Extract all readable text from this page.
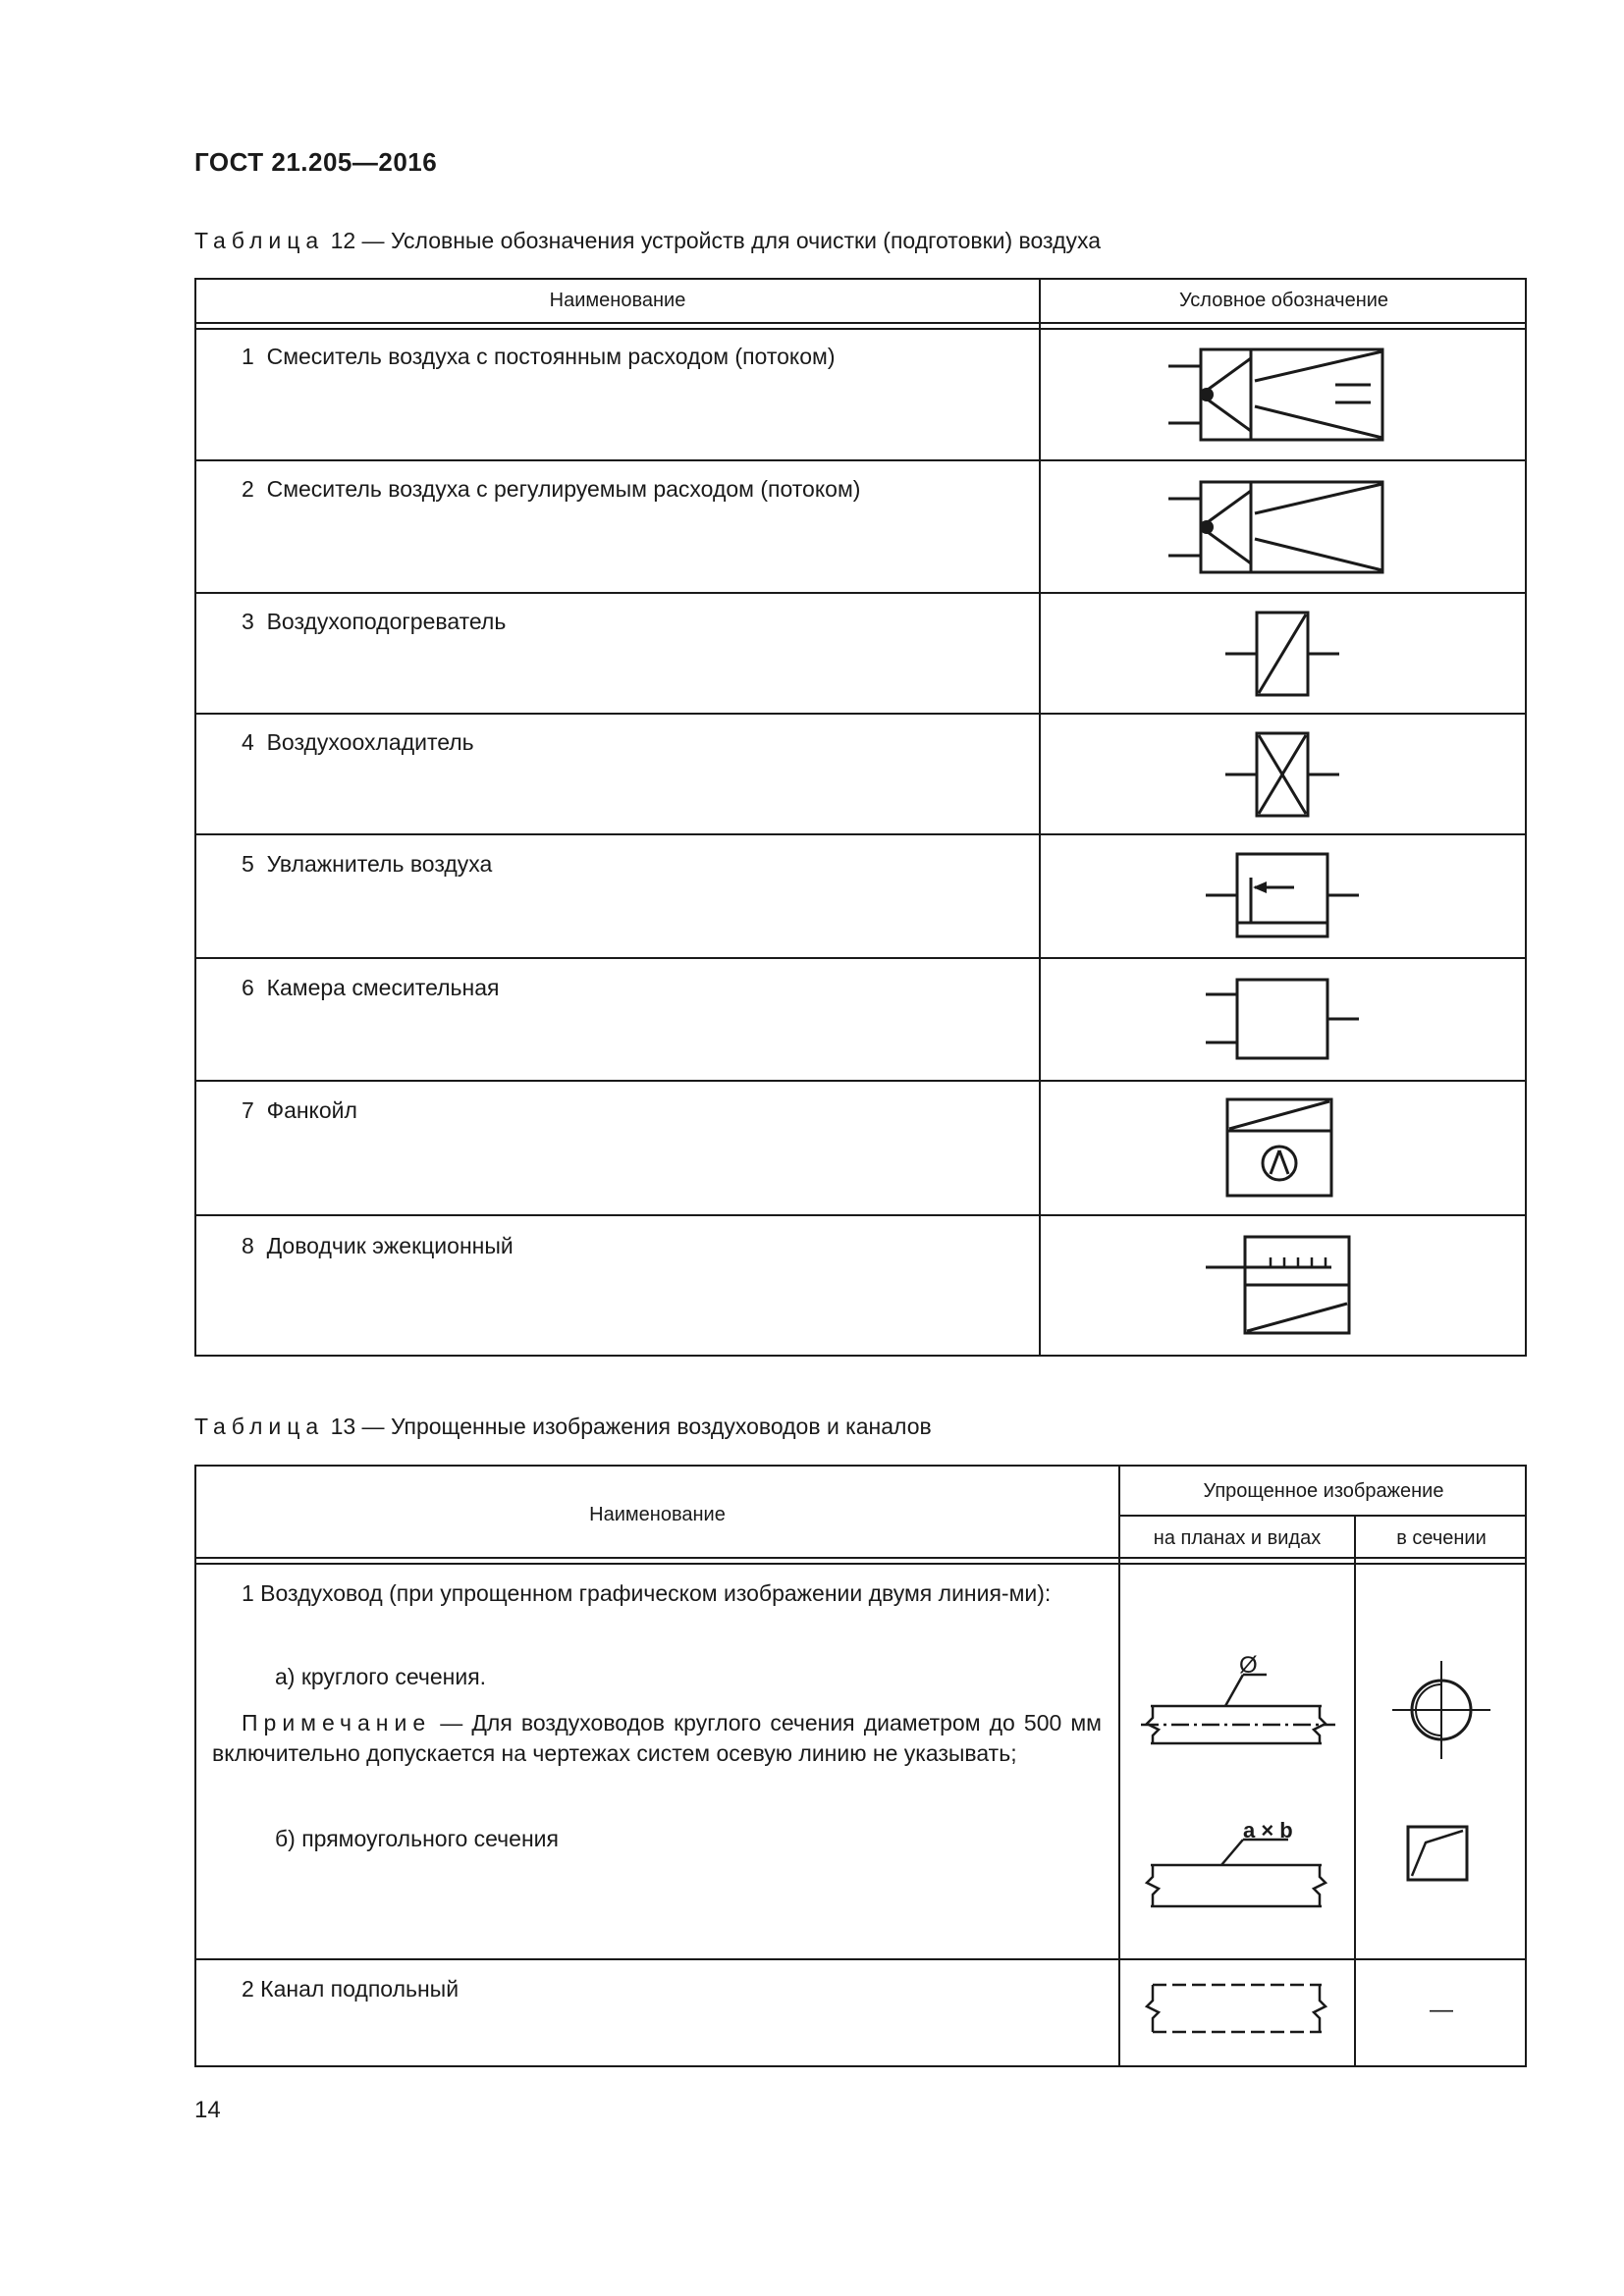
ГОСТ 21.205—2016
Таблица 12 — Условные обозначения устройств для очистки (подготовки) воздуха
Наименование	Условное обозначение
1 Смеситель воздуха с постоянным расходом (потоком)
2 Смеситель воздуха с регулируемым расходом (потоком)
3 Воздухоподогреватель
4 Воздухоохладитель
5 Увлажнитель воздуха
6 Камера смесительная
7 Фанкойл
8 Доводчик эжекционный
Таблица 13 — Упрощенные изображения воздуховодов и каналов
Наименование
Упрощенное изображение
на планах и видах	в сечении
1 Воздуховод (при упрощенном графическом изображении двумя линия-ми):
а) круглого сечения.
Примечание — Для воздуховодов круглого сечения диаметром до 500 мм включительно допускается на чертежах систем осевую линию не указывать;
б) прямоугольного сечения
2 Канал подпольный
Ø
a × b
—
14
